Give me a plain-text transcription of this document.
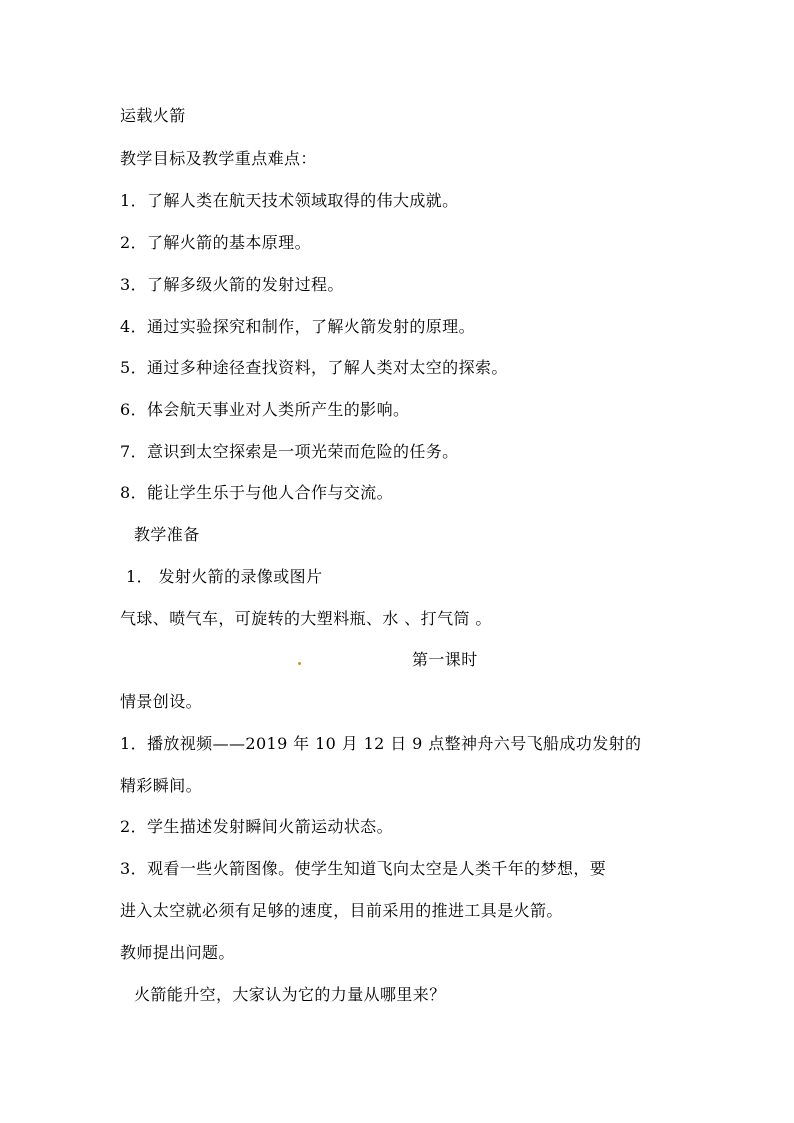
运载火箭
教学目标及教学重点难点：
1．了解人类在航天技术领域取得的伟大成就。
2．了解火箭的基本原理。
3．了解多级火箭的发射过程。
4．通过实验探究和制作，了解火箭发射的原理。
5．通过多种途径查找资料，了解人类对太空的探索。
6．体会航天事业对人类所产生的影响。
7．意识到太空探索是一项光荣而危险的任务。
8．能让学生乐于与他人合作与交流。
教学准备
1． 发射火箭的录像或图片
气球、喷气车，可旋转的大塑料瓶、水 、打气筒 。
第一课时
情景创设。
1．播放视频——2019 年 10 月 12 日 9 点整神舟六号飞船成功发射的
精彩瞬间。
2．学生描述发射瞬间火箭运动状态。
3．观看一些火箭图像。使学生知道飞向太空是人类千年的梦想，要
进入太空就必须有足够的速度，目前采用的推进工具是火箭。
教师提出问题。
火箭能升空，大家认为它的力量从哪里来？
